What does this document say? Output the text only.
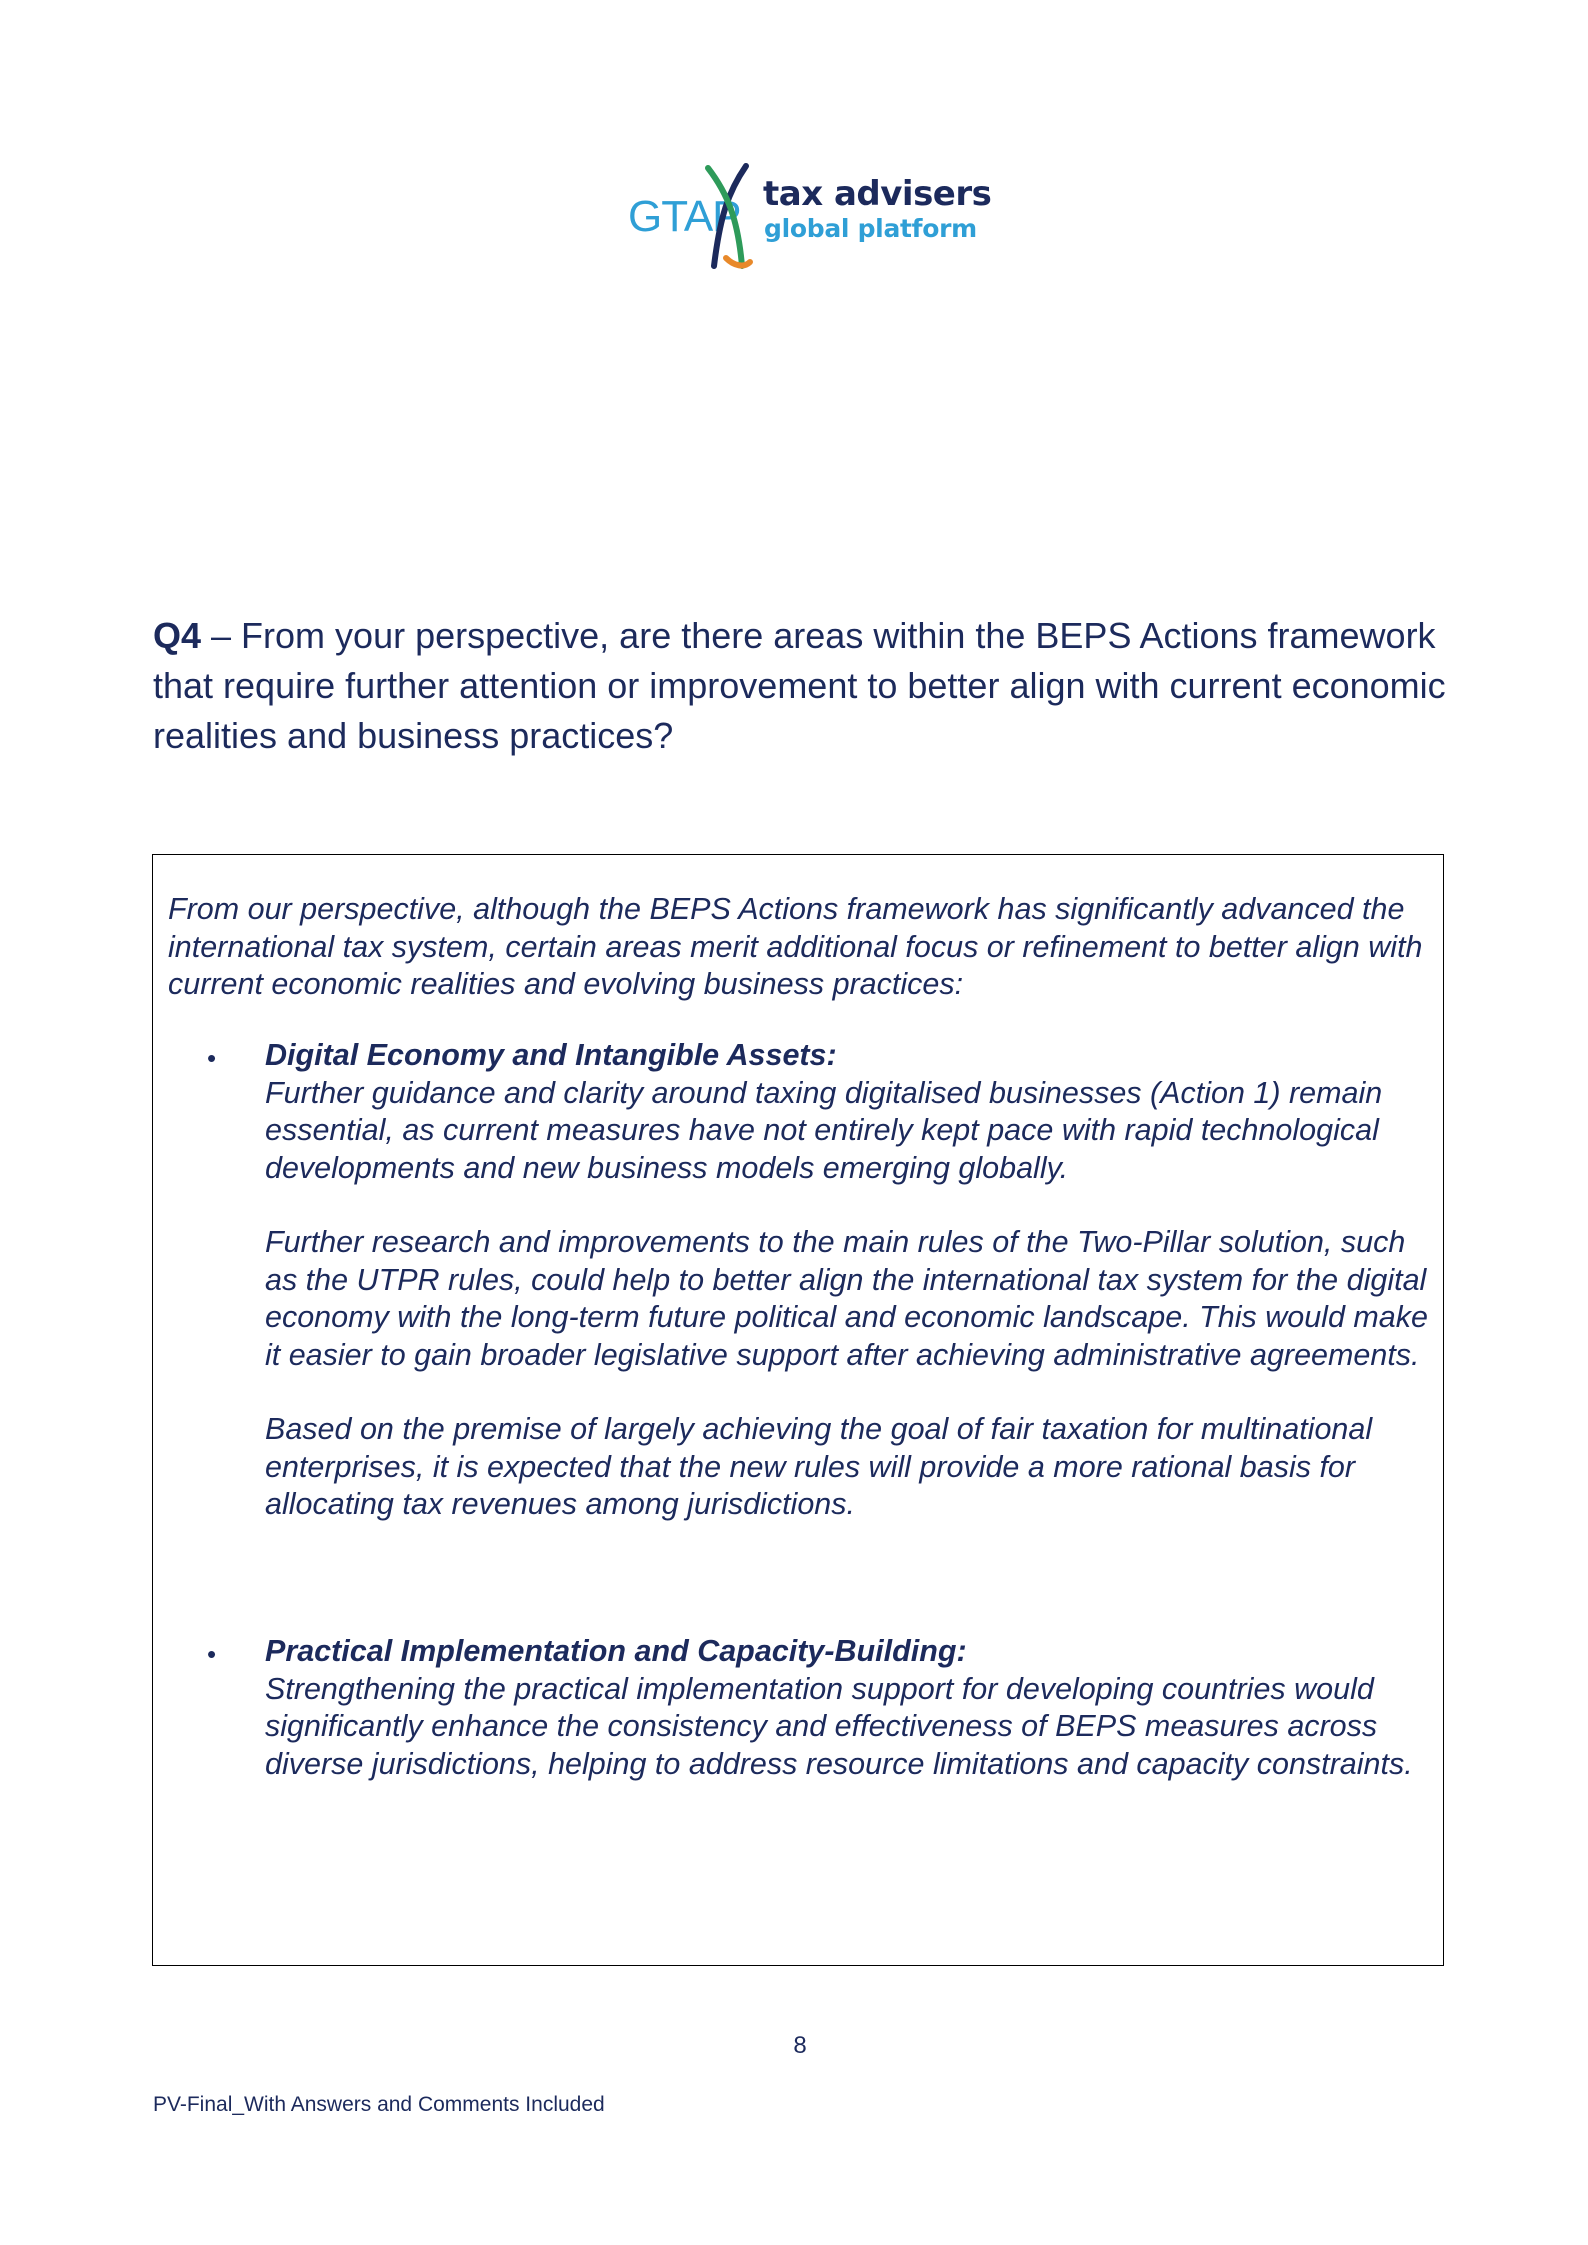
GTAP tax advisers
global platform
Q4 – From your perspective, are there areas within the BEPS Actions framework that require further attention or improvement to better align with current economic realities and business practices?
From our perspective, although the BEPS Actions framework has significantly advanced the international tax system, certain areas merit additional focus or refinement to better align with current economic realities and evolving business practices:
• Digital Economy and Intangible Assets:
Further guidance and clarity around taxing digitalised businesses (Action 1) remain essential, as current measures have not entirely kept pace with rapid technological developments and new business models emerging globally.
Further research and improvements to the main rules of the Two-Pillar solution, such as the UTPR rules, could help to better align the international tax system for the digital economy with the long-term future political and economic landscape. This would make it easier to gain broader legislative support after achieving administrative agreements.
Based on the premise of largely achieving the goal of fair taxation for multinational enterprises, it is expected that the new rules will provide a more rational basis for allocating tax revenues among jurisdictions.
• Practical Implementation and Capacity-Building:
Strengthening the practical implementation support for developing countries would significantly enhance the consistency and effectiveness of BEPS measures across diverse jurisdictions, helping to address resource limitations and capacity constraints.
8
PV-Final_With Answers and Comments Included
